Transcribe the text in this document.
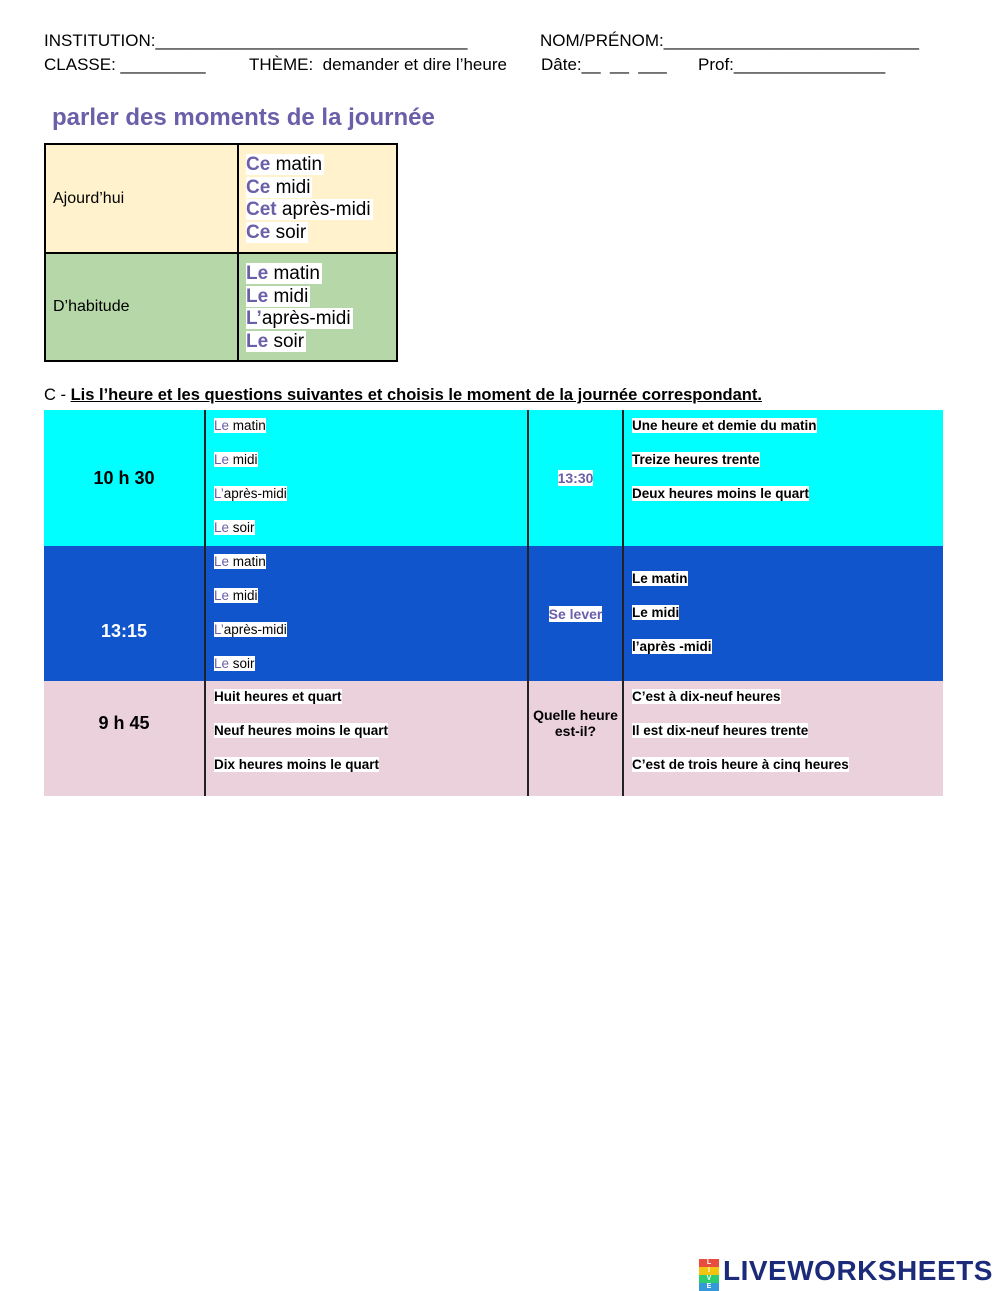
INSTITUTION:_________________________________	NOM/PRÉNOM:___________________________
CLASSE: _________	THÈME:  demander et dire l’heure Dâte:__  __  ___ Prof:________________
parler des moments de la journée
Ajourd’hui
Ce matin
Ce midi
Cet après-midi
Ce soir
D’habitude
Le matin
Le midi
L’après-midi
Le soir
C - Lis l’heure et les questions suivantes et choisis le moment de la journée correspondant.
10 h 30
Le matin
Le midi
L’après-midi
Le soir
13:30
Une heure et demie du matin
Treize heures trente
Deux heures moins le quart
13:15
Le matin
Le midi
L’après-midi
Le soir
Se lever
Le matin
Le midi
l’après -midi
9 h 45
Huit heures et quart
Neuf heures moins le quart
Dix heures moins le quart
Quelle heure est-il?
C’est à dix-neuf heures
Il est dix-neuf heures trente
C’est de trois heure à cinq heures
L
I
V
E
LIVEWORKSHEETS
